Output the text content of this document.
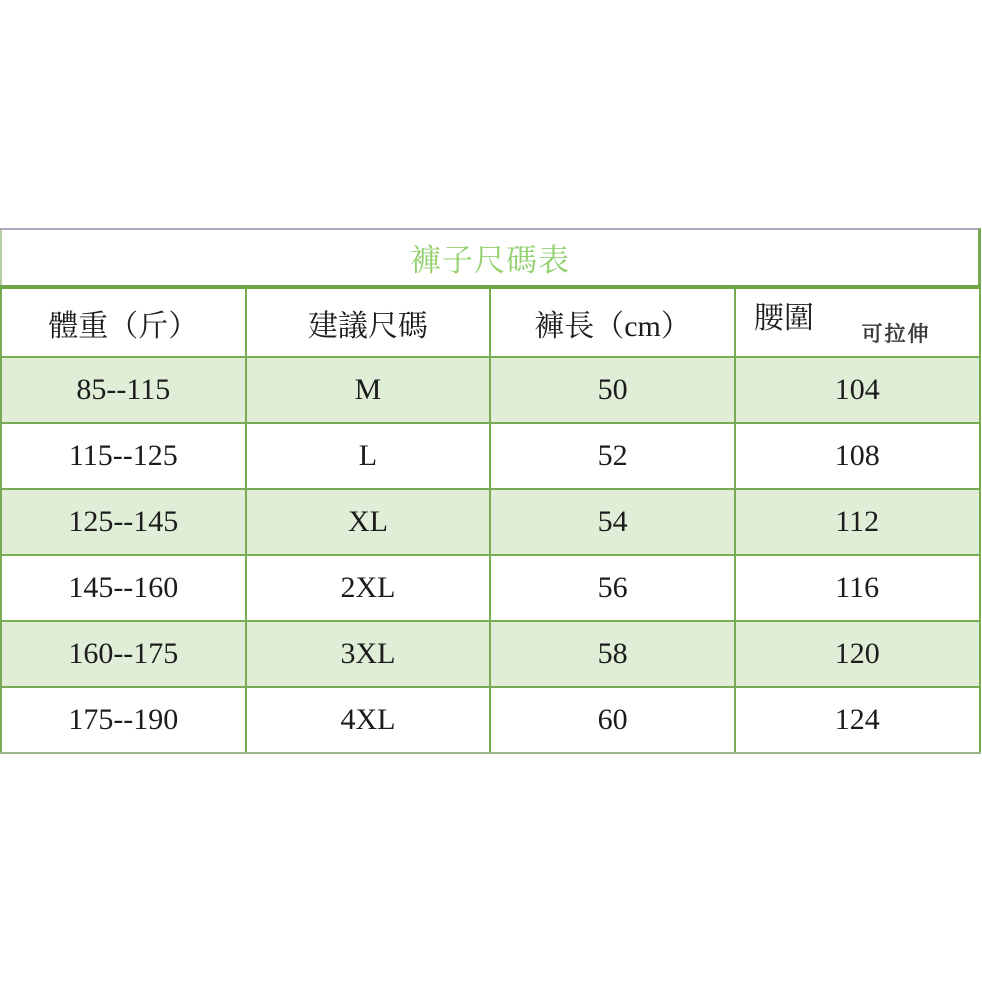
褲子尺碼表			
體重（斤）	建議尺碼	褲長（cm）	腰圍 可拉伸

85--115	M	50	104
115--125	L	52	108
125--145	XL	54	112
145--160	2XL	56	116
160--175	3XL	58	120
175--190	4XL	60	124
